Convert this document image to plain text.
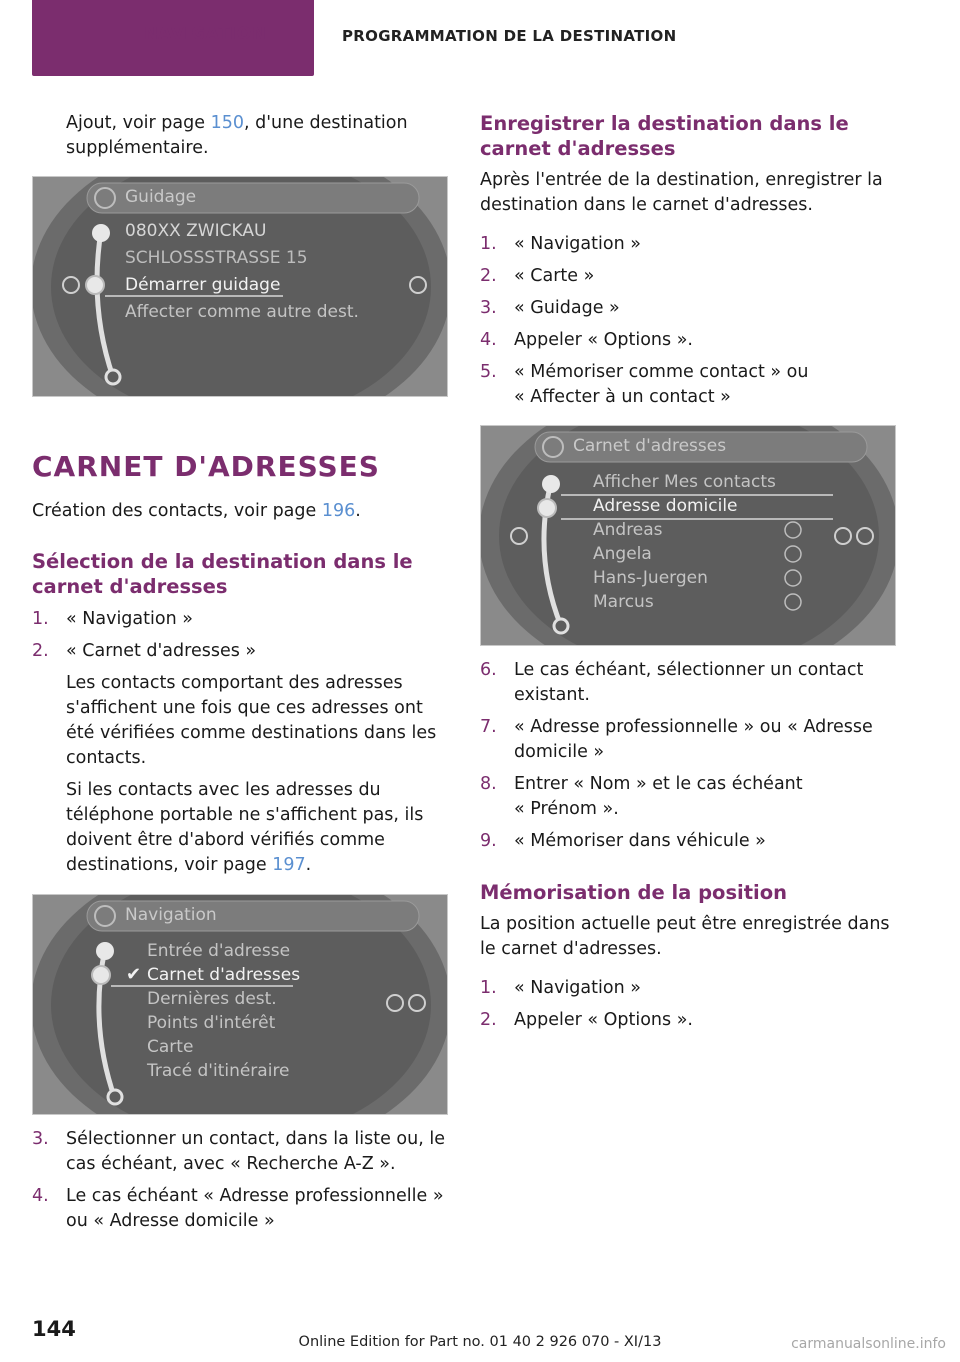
NAVIGATION	PROGRAMMATION DE LA DESTINATION

Ajout, voir page 150, d'une destination supplémentaire.

Guidage
080XX ZWICKAU
SCHLOSSSTRASSE 15
Démarrer guidage
Affecter comme autre dest.
CARNET D'ADRESSES

Création des contacts, voir page 196.

Sélection de la destination dans le carnet d'adresses
1. « Navigation »
2. « Carnet d'adresses »
Les contacts comportant des adresses s'affichent une fois que ces adresses ont été vérifiées comme destinations dans les contacts.
Si les contacts avec les adresses du téléphone portable ne s'affichent pas, ils doivent être d'abord vérifiés comme destinations, voir page 197.
Navigation
Entrée d'adresse
✔ Carnet d'adresses
Dernières dest.
Points d'intérêt
Carte
Tracé d'itinéraire
3. Sélectionner un contact, dans la liste ou, le cas échéant, avec « Recherche A-Z ».
4. Le cas échéant « Adresse professionnelle » ou « Adresse domicile »
Enregistrer la destination dans le carnet d'adresses

Après l'entrée de la destination, enregistrer la destination dans le carnet d'adresses.

1. « Navigation »
2. « Carte »
3. « Guidage »
4. Appeler « Options ».
5. « Mémoriser comme contact » ou « Affecter à un contact »
Carnet d'adresses
Afficher Mes contacts
Adresse domicile
Andreas
Angela
Hans-Juergen
Marcus
6. Le cas échéant, sélectionner un contact existant.
7. « Adresse professionnelle » ou « Adresse domicile »
8. Entrer « Nom » et le cas échéant « Prénom ».
9. « Mémoriser dans véhicule »
Mémorisation de la position

La position actuelle peut être enregistrée dans le carnet d'adresses.

1. « Navigation »
2. Appeler « Options ».
144
Online Edition for Part no. 01 40 2 926 070 - XI/13	carmanualsonline.info
